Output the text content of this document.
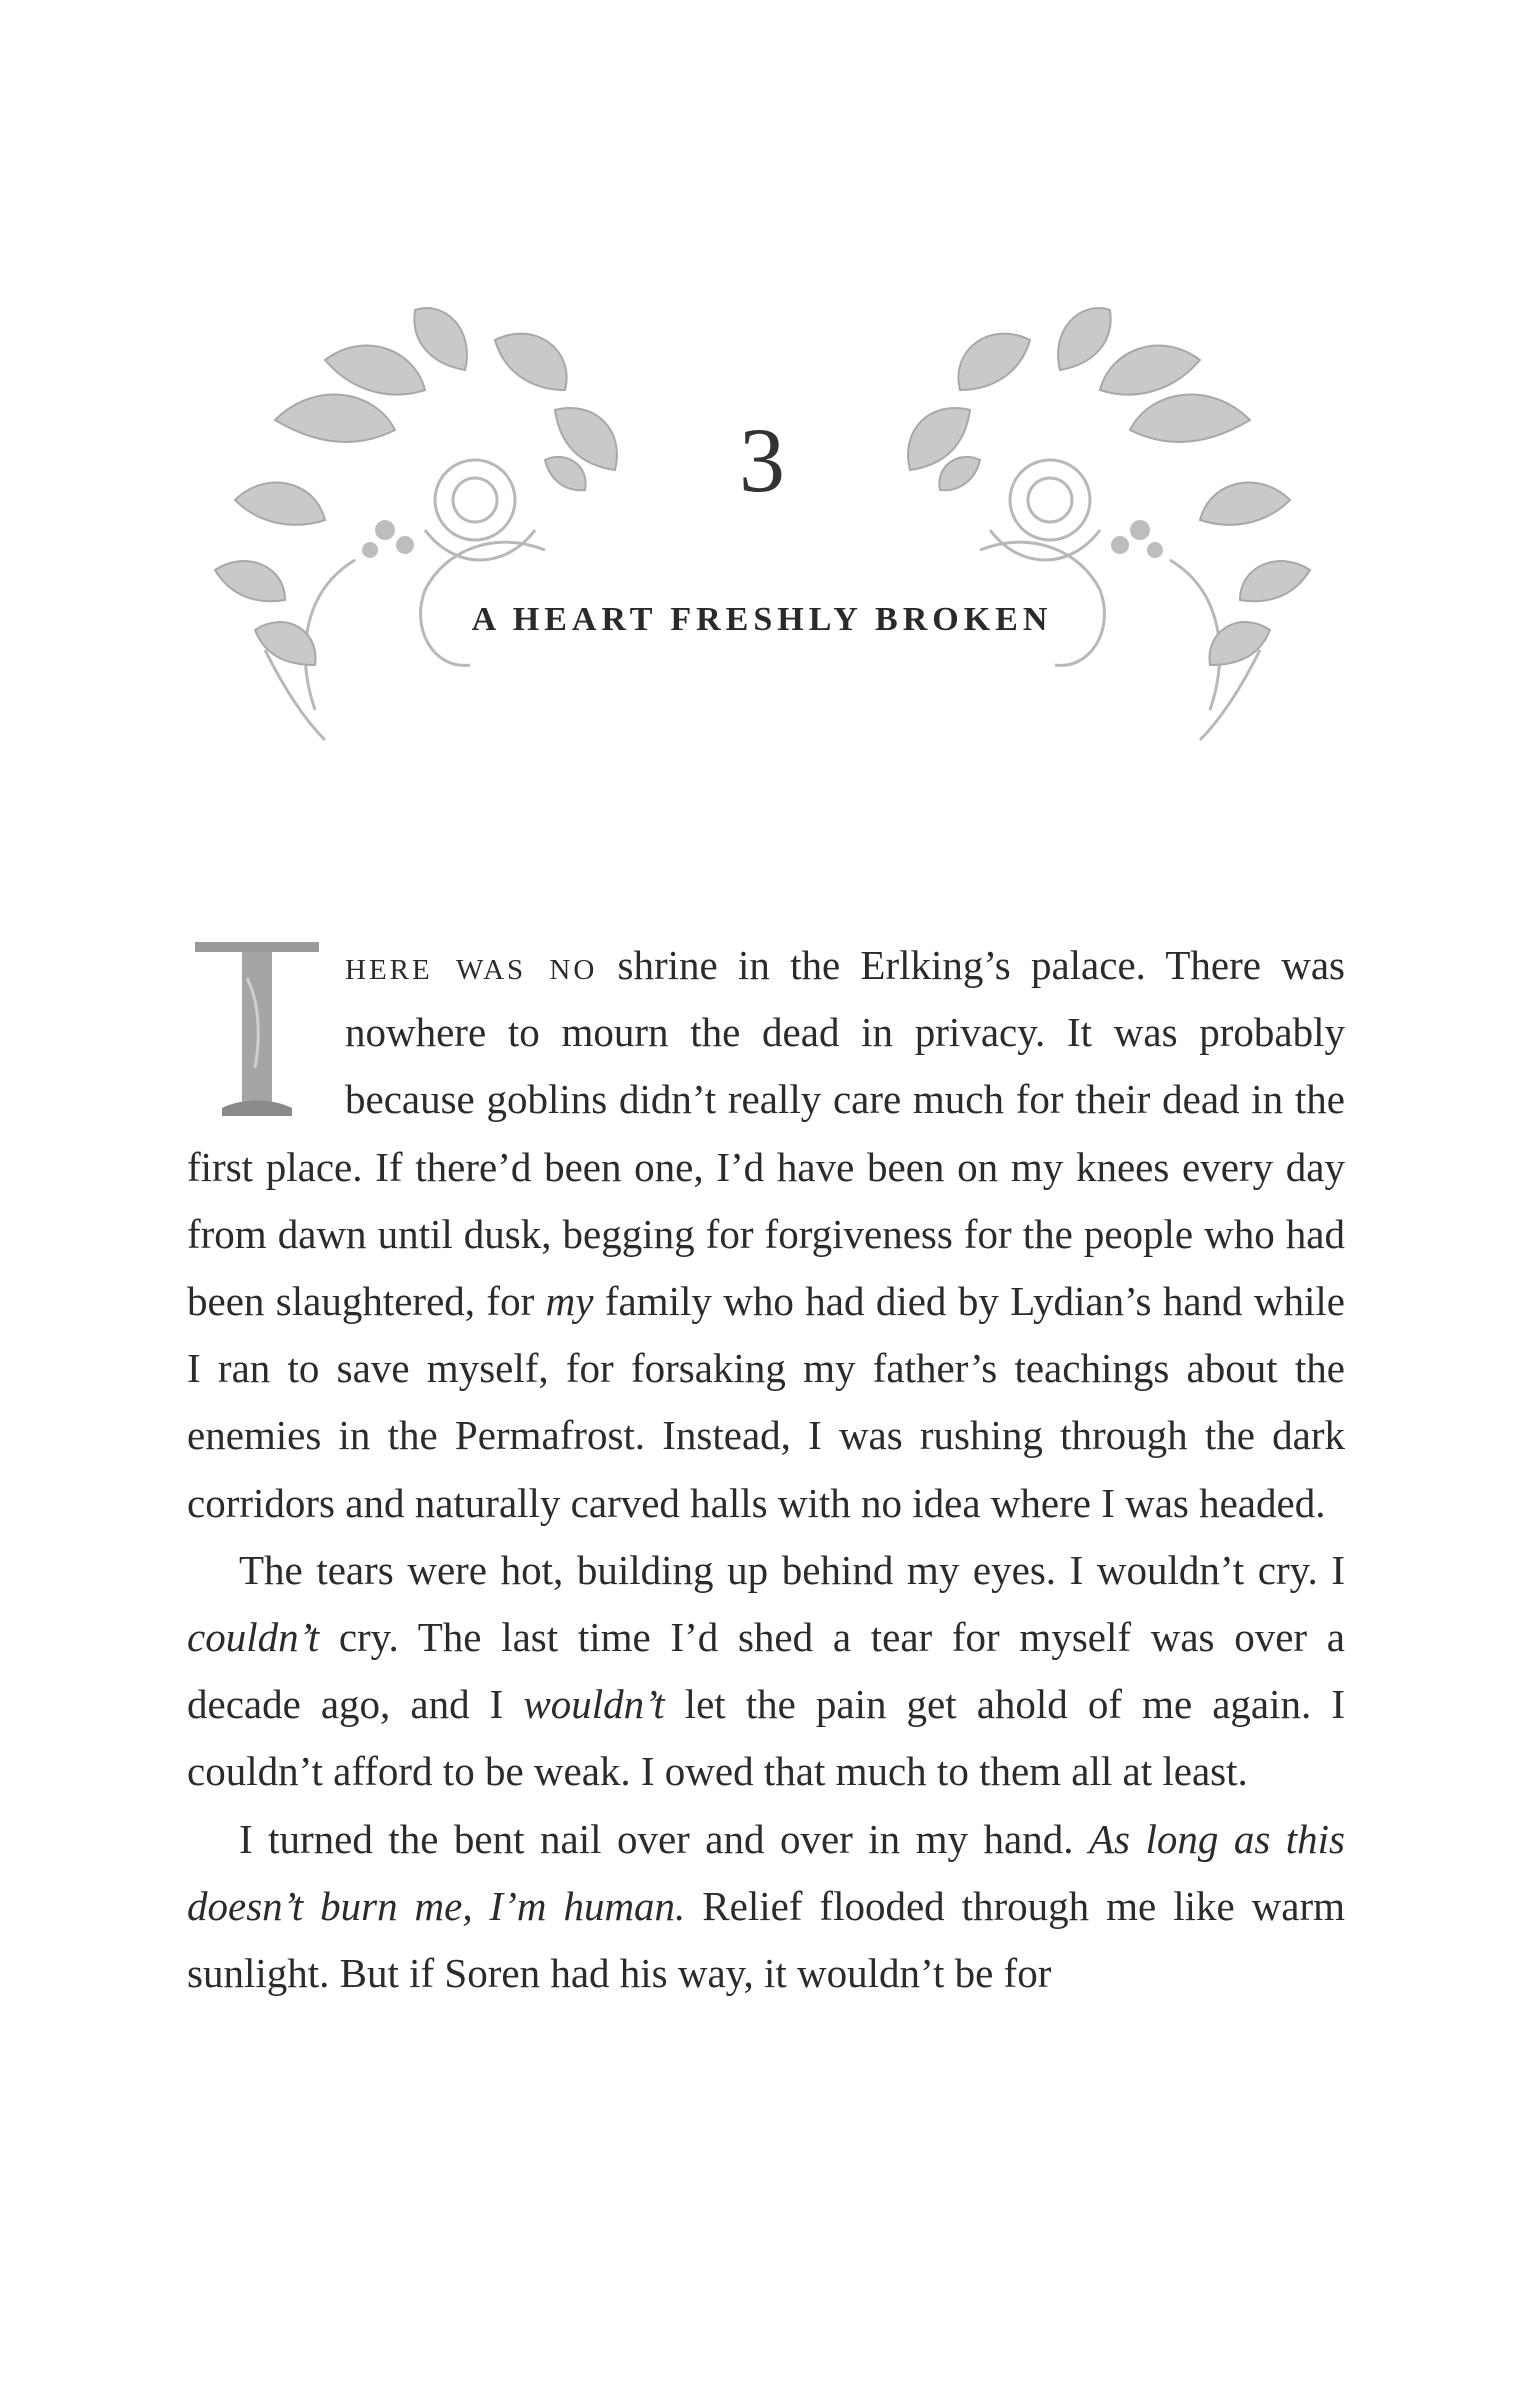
3
A HEART FRESHLY BROKEN

here was no shrine in the Erlking’s palace. There was nowhere to mourn the dead in privacy. It was probably because goblins didn’t really care much for their dead in the first place. If there’d been one, I’d have been on my knees every day from dawn until dusk, begging for forgiveness for the people who had been slaughtered, for my family who had died by Lydian’s hand while I ran to save myself, for forsaking my father’s teachings about the enemies in the Permafrost. Instead, I was rushing through the dark corridors and naturally carved halls with no idea where I was headed.

The tears were hot, building up behind my eyes. I wouldn’t cry. I couldn’t cry. The last time I’d shed a tear for myself was over a decade ago, and I wouldn’t let the pain get ahold of me again. I couldn’t afford to be weak. I owed that much to them all at least.

I turned the bent nail over and over in my hand. As long as this doesn’t burn me, I’m human. Relief flooded through me like warm sunlight. But if Soren had his way, it wouldn’t be for
